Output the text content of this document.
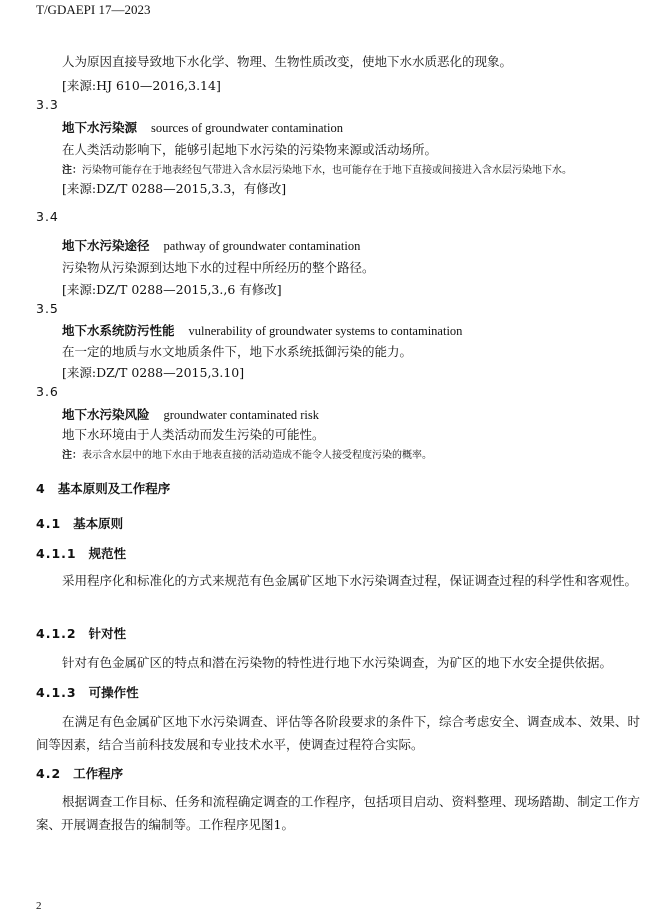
T/GDAEPI 17—2023
人为原因直接导致地下水化学、物理、生物性质改变，使地下水水质恶化的现象。
[来源:HJ 610—2016,3.14]
3.3
地下水污染源 sources of groundwater contamination
在人类活动影响下，能够引起地下水污染的污染物来源或活动场所。
注：污染物可能存在于地表经包气带进入含水层污染地下水，也可能存在于地下直接或间接进入含水层污染地下水。
[来源:DZ/T 0288—2015,3.3，有修改]
3.4
地下水污染途径 pathway of groundwater contamination
污染物从污染源到达地下水的过程中所经历的整个路径。
[来源:DZ/T 0288—2015,3.,6 有修改]
3.5
地下水系统防污性能 vulnerability of groundwater systems to contamination
在一定的地质与水文地质条件下，地下水系统抵御污染的能力。
[来源:DZ/T 0288—2015,3.10]
3.6
地下水污染风险 groundwater contaminated risk
地下水环境由于人类活动而发生污染的可能性。
注：表示含水层中的地下水由于地表直接的活动造成不能令人接受程度污染的概率。
4 基本原则及工作程序
4.1 基本原则
4.1.1 规范性
采用程序化和标准化的方式来规范有色金属矿区地下水污染调查过程，保证调查过程的科学性和客观性。
4.1.2 针对性
针对有色金属矿区的特点和潜在污染物的特性进行地下水污染调查，为矿区的地下水安全提供依据。
4.1.3 可操作性
在满足有色金属矿区地下水污染调查、评估等各阶段要求的条件下，综合考虑安全、调查成本、效果、时间等因素，结合当前科技发展和专业技术水平，使调查过程符合实际。
4.2 工作程序
根据调查工作目标、任务和流程确定调查的工作程序，包括项目启动、资料整理、现场踏勘、制定工作方案、开展调查报告的编制等。工作程序见图1。
2
